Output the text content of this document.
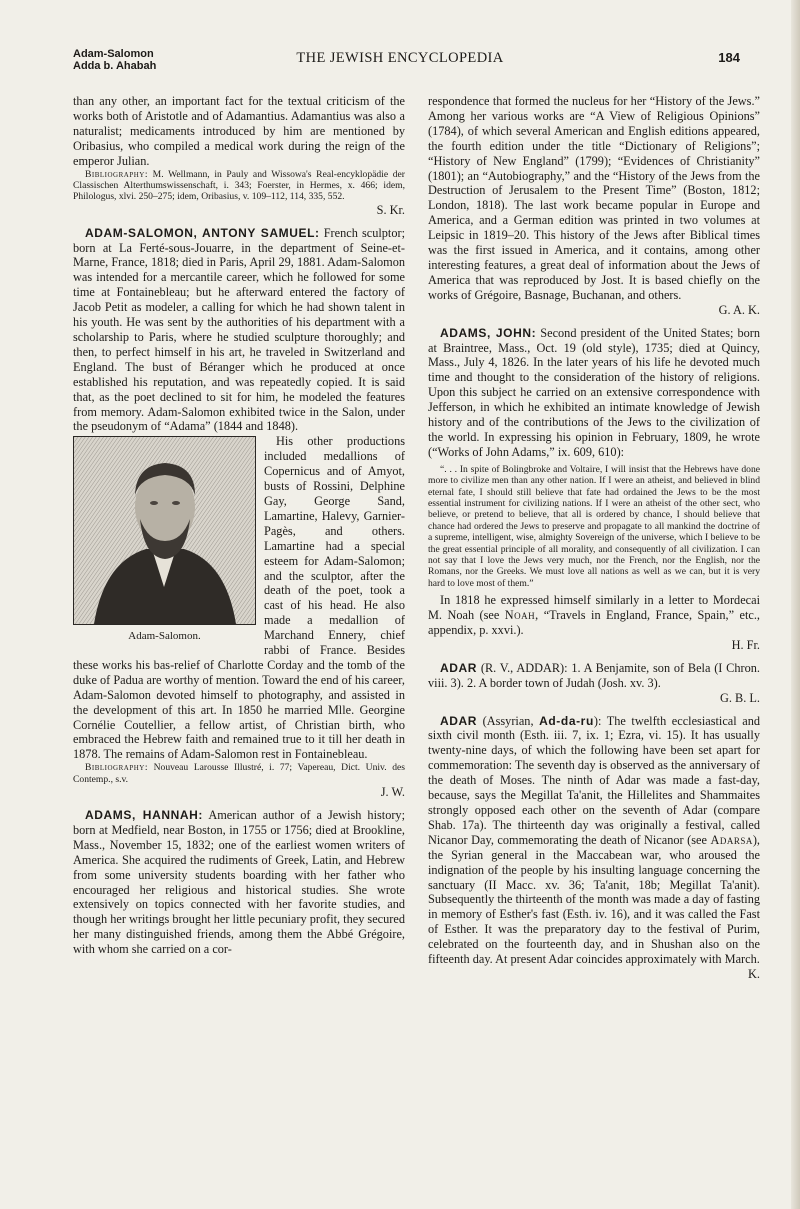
Adam-Salomon
Adda b. Ahabah	THE JEWISH ENCYCLOPEDIA	184

than any other, an important fact for the textual criticism of the works both of Aristotle and of Adamantius. Adamantius was also a naturalist; medicaments introduced by him are mentioned by Oribasius, who compiled a medical work during the reign of the emperor Julian.

Bibliography: M. Wellmann, in Pauly and Wissowa's Real-encyklopädie der Classischen Alterthumswissenschaft, i. 343; Foerster, in Hermes, x. 466; idem, Philologus, xlvi. 250–275; idem, Oribasius, v. 109–112, 114, 335, 552.

S. Kr.

ADAM-SALOMON, ANTONY SAMUEL: French sculptor; born at La Ferté-sous-Jouarre, in the department of Seine-et-Marne, France, 1818; died in Paris, April 29, 1881. Adam-Salomon was intended for a mercantile career, which he followed for some time at Fontainebleau; but he afterward entered the factory of Jacob Petit as modeler, a calling for which he had shown talent in his youth. He was sent by the authorities of his department with a scholarship to Paris, where he studied sculpture thoroughly; and then, to perfect himself in his art, he traveled in Switzerland and England. The bust of Béranger which he produced at once established his reputation, and was repeatedly copied. It is said that, as the poet declined to sit for him, he modeled the features from memory. Adam-Salomon exhibited twice in the Salon, under the pseudonym of “Adama” (1844 and 1848).

Adam-Salomon.

His other productions included medallions of Copernicus and of Amyot, busts of Rossini, Delphine Gay, George Sand, Lamartine, Halevy, Garnier-Pagès, and others. Lamartine had a special esteem for Adam-Salomon; and the sculptor, after the death of the poet, took a cast of his head. He also made a medallion of Marchand Ennery, chief rabbi of France. Besides these works his bas-relief of Charlotte Corday and the tomb of the duke of Padua are worthy of mention. Toward the end of his career, Adam-Salomon devoted himself to photography, and assisted in the development of this art. In 1850 he married Mlle. Georgine Cornélie Coutellier, a fellow artist, of Christian birth, who embraced the Hebrew faith and remained true to it till her death in 1878. The remains of Adam-Salomon rest in Fontainebleau.

Bibliography: Nouveau Larousse Illustré, i. 77; Vapereau, Dict. Univ. des Contemp., s.v.

J. W.

ADAMS, HANNAH: American author of a Jewish history; born at Medfield, near Boston, in 1755 or 1756; died at Brookline, Mass., November 15, 1832; one of the earliest women writers of America. She acquired the rudiments of Greek, Latin, and Hebrew from some university students boarding with her father who encouraged her religious and historical studies. She wrote extensively on topics connected with her favorite studies, and though her writings brought her little pecuniary profit, they secured her many distinguished friends, among them the Abbé Grégoire, with whom she carried on a cor-

respondence that formed the nucleus for her “History of the Jews.” Among her various works are “A View of Religious Opinions” (1784), of which several American and English editions appeared, the fourth edition under the title “Dictionary of Religions”; “History of New England” (1799); “Evidences of Christianity” (1801); an “Autobiography,” and the “History of the Jews from the Destruction of Jerusalem to the Present Time” (Boston, 1812; London, 1818). The last work became popular in Europe and America, and a German edition was printed in two volumes at Leipsic in 1819–20. This history of the Jews after Biblical times was the first issued in America, and it contains, among other interesting features, a great deal of information about the Jews of America that was reproduced by Jost. It is based chiefly on the works of Grégoire, Basnage, Buchanan, and others.

G. A. K.

ADAMS, JOHN: Second president of the United States; born at Braintree, Mass., Oct. 19 (old style), 1735; died at Quincy, Mass., July 4, 1826. In the later years of his life he devoted much time and thought to the consideration of the history of religions. Upon this subject he carried on an extensive correspondence with Jefferson, in which he exhibited an intimate knowledge of Jewish history and of the contributions of the Jews to the civilization of the world. In expressing his opinion in February, 1809, he wrote (“Works of John Adams,” ix. 609, 610):

“. . . In spite of Bolingbroke and Voltaire, I will insist that the Hebrews have done more to civilize men than any other nation. If I were an atheist, and believed in blind eternal fate, I should still believe that fate had ordained the Jews to be the most essential instrument for civilizing nations. If I were an atheist of the other sect, who believe, or pretend to believe, that all is ordered by chance, I should believe that chance had ordered the Jews to preserve and propagate to all mankind the doctrine of a supreme, intelligent, wise, almighty Sovereign of the universe, which I believe to be the great essential principle of all morality, and consequently of all civilization. I can not say that I love the Jews very much, nor the French, nor the English, nor the Romans, nor the Greeks. We must love all nations as well as we can, but it is very hard to love most of them.”

In 1818 he expressed himself similarly in a letter to Mordecai M. Noah (see Noah, “Travels in England, France, Spain,” etc., appendix, p. xxvi.).

H. Fr.

ADAR (R. V., ADDAR): 1. A Benjamite, son of Bela (I Chron. viii. 3). 2. A border town of Judah (Josh. xv. 3).

G. B. L.

ADAR (Assyrian, Ad-da-ru): The twelfth ecclesiastical and sixth civil month (Esth. iii. 7, ix. 1; Ezra, vi. 15). It has usually twenty-nine days, of which the following have been set apart for commemoration: The seventh day is observed as the anniversary of the death of Moses. The ninth of Adar was made a fast-day, because, says the Megillat Ta'anit, the Hillelites and Shammaites strongly opposed each other on the seventh of Adar (compare Shab. 17a). The thirteenth day was originally a festival, called Nicanor Day, commemorating the death of Nicanor (see Adarsa), the Syrian general in the Maccabean war, who aroused the indignation of the people by his insulting language concerning the sanctuary (II Macc. xv. 36; Ta'anit, 18b; Megillat Ta'anit). Subsequently the thirteenth of the month was made a day of fasting in memory of Esther's fast (Esth. iv. 16), and it was called the Fast of Esther. It was the preparatory day to the festival of Purim, celebrated on the fourteenth day, and in Shushan also on the fifteenth day. At present Adar coincides approximately with March.

K.
